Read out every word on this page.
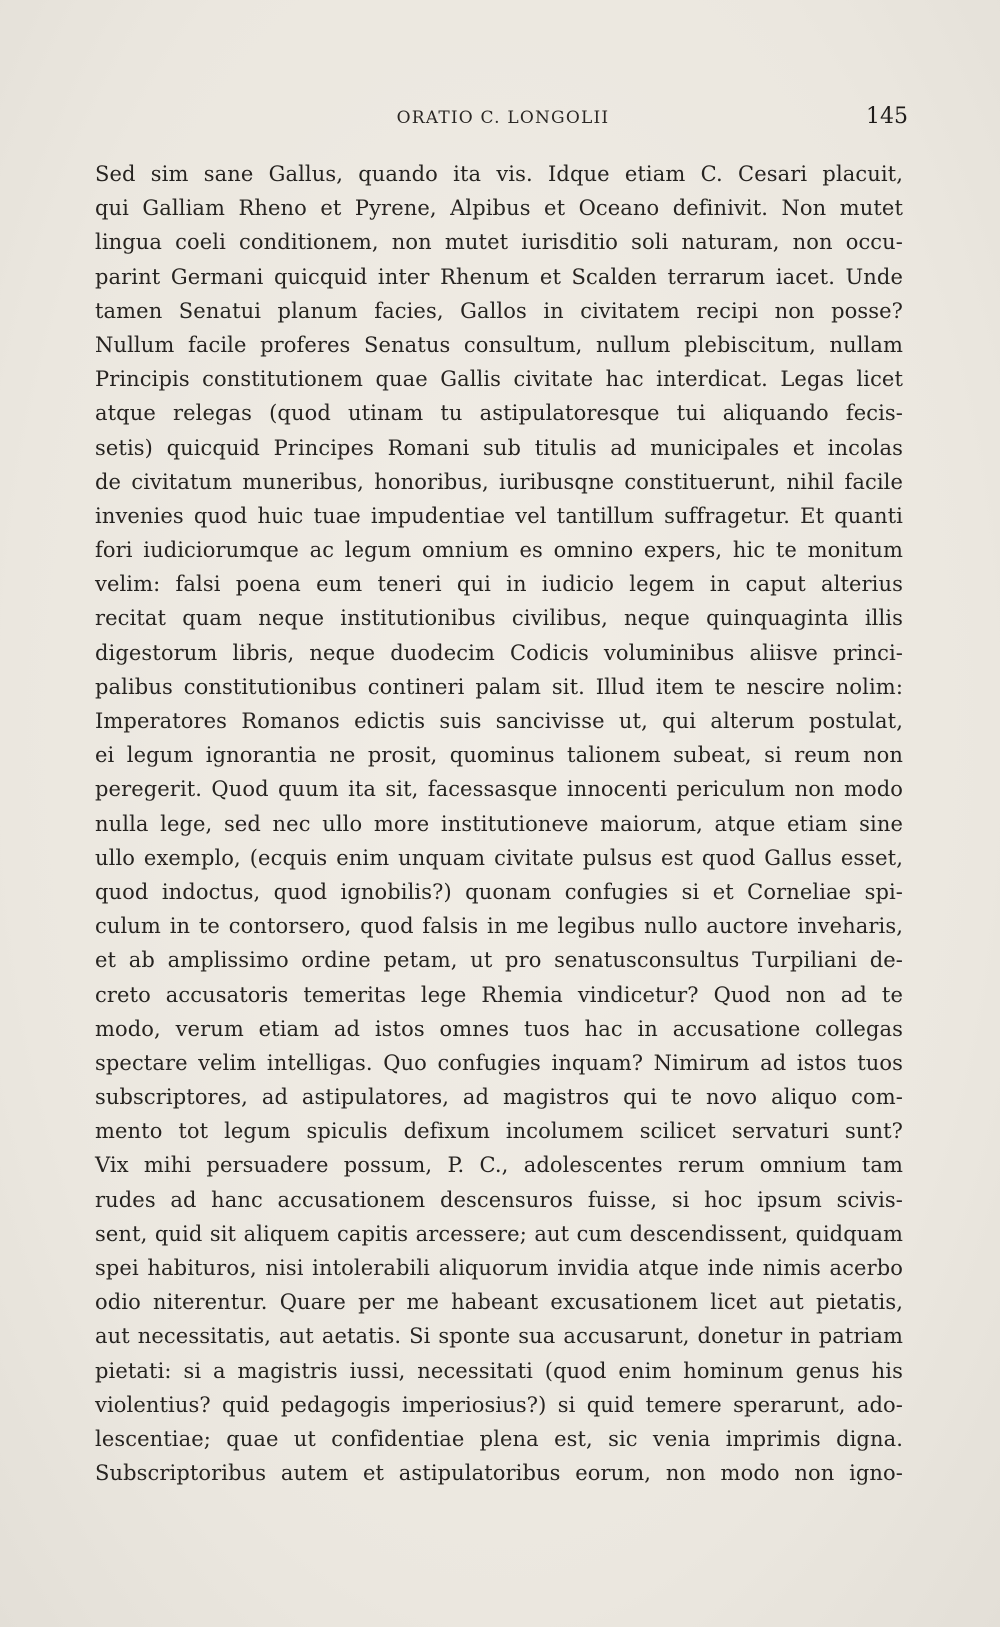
ORATIO C. LONGOLII	145
Sed sim sane Gallus, quando ita vis. Idque etiam C. Cesari placuit,
qui Galliam Rheno et Pyrene, Alpibus et Oceano definivit. Non mutet
lingua coeli conditionem, non mutet iurisditio soli naturam, non occu-
parint Germani quicquid inter Rhenum et Scalden terrarum iacet. Unde
tamen Senatui planum facies, Gallos in civitatem recipi non posse?
Nullum facile proferes Senatus consultum, nullum plebiscitum, nullam
Principis constitutionem quae Gallis civitate hac interdicat. Legas licet
atque relegas (quod utinam tu astipulatoresque tui aliquando fecis-
setis) quicquid Principes Romani sub titulis ad municipales et incolas
de civitatum muneribus, honoribus, iuribusqne constituerunt, nihil facile
invenies quod huic tuae impudentiae vel tantillum suffragetur. Et quanti
fori iudiciorumque ac legum omnium es omnino expers, hic te monitum
velim: falsi poena eum teneri qui in iudicio legem in caput alterius
recitat quam neque institutionibus civilibus, neque quinquaginta illis
digestorum libris, neque duodecim Codicis voluminibus aliisve princi-
palibus constitutionibus contineri palam sit. Illud item te nescire nolim:
Imperatores Romanos edictis suis sancivisse ut, qui alterum postulat,
ei legum ignorantia ne prosit, quominus talionem subeat, si reum non
peregerit. Quod quum ita sit, facessasque innocenti periculum non modo
nulla lege, sed nec ullo more institutioneve maiorum, atque etiam sine
ullo exemplo, (ecquis enim unquam civitate pulsus est quod Gallus esset,
quod indoctus, quod ignobilis?) quonam confugies si et Corneliae spi-
culum in te contorsero, quod falsis in me legibus nullo auctore inveharis,
et ab amplissimo ordine petam, ut pro senatusconsultus Turpiliani de-
creto accusatoris temeritas lege Rhemia vindicetur? Quod non ad te
modo, verum etiam ad istos omnes tuos hac in accusatione collegas
spectare velim intelligas. Quo confugies inquam? Nimirum ad istos tuos
subscriptores, ad astipulatores, ad magistros qui te novo aliquo com-
mento tot legum spiculis defixum incolumem scilicet servaturi sunt?
Vix mihi persuadere possum, P. C., adolescentes rerum omnium tam
rudes ad hanc accusationem descensuros fuisse, si hoc ipsum scivis-
sent, quid sit aliquem capitis arcessere; aut cum descendissent, quidquam
spei habituros, nisi intolerabili aliquorum invidia atque inde nimis acerbo
odio niterentur. Quare per me habeant excusationem licet aut pietatis,
aut necessitatis, aut aetatis. Si sponte sua accusarunt, donetur in patriam
pietati: si a magistris iussi, necessitati (quod enim hominum genus his
violentius? quid pedagogis imperiosius?) si quid temere sperarunt, ado-
lescentiae; quae ut confidentiae plena est, sic venia imprimis digna.
Subscriptoribus autem et astipulatoribus eorum, non modo non igno-
